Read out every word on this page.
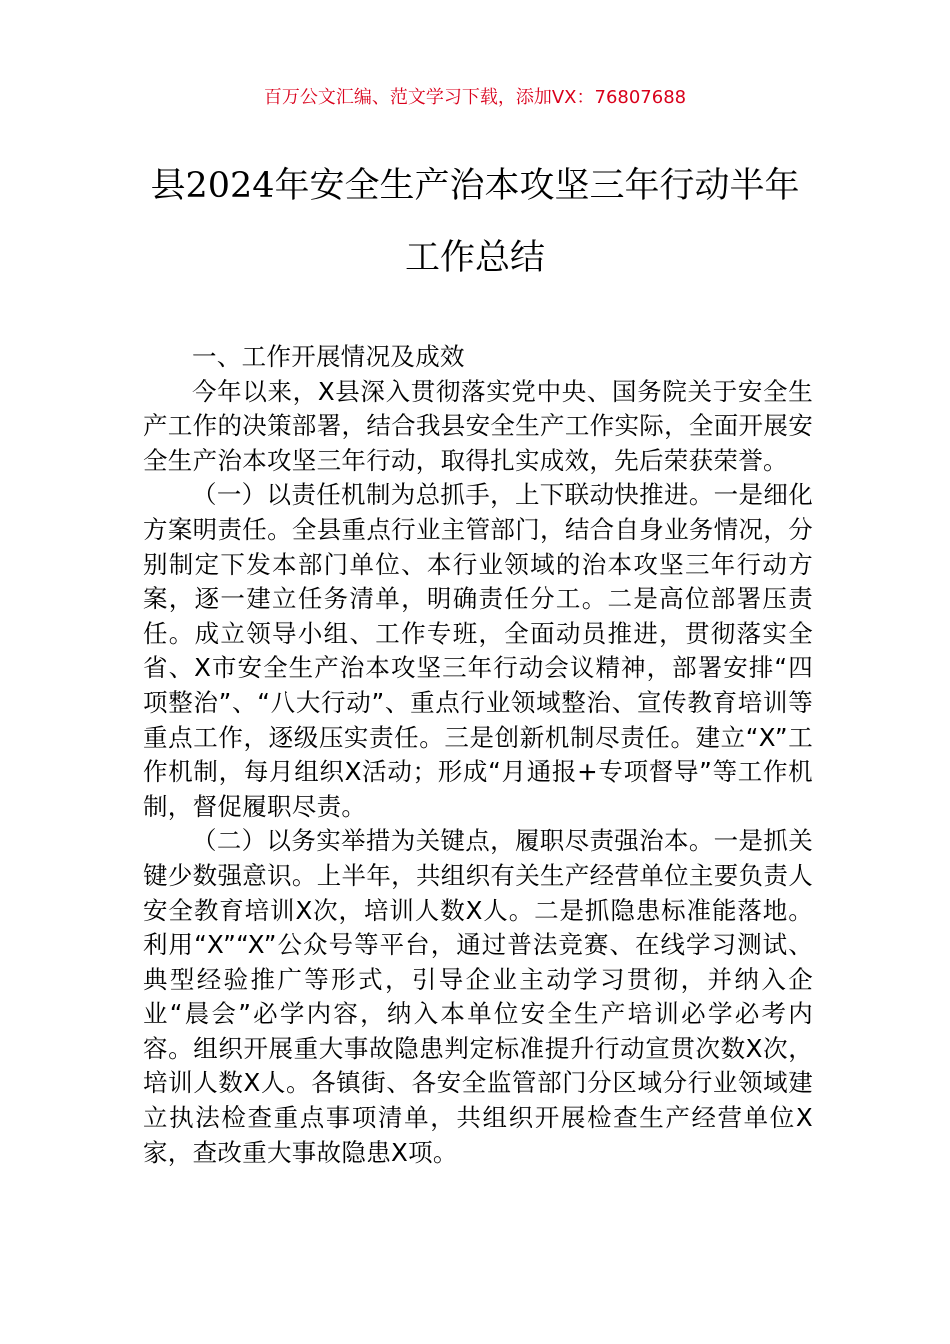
百万公文汇编、范文学习下载，添加VX：76807688
县2024年安全生产治本攻坚三年行动半年
工作总结

一、工作开展情况及成效

今年以来，X县深入贯彻落实党中央、国务院关于安全生产工作的决策部署，结合我县安全生产工作实际，全面开展安全生产治本攻坚三年行动，取得扎实成效，先后荣获荣誉。

（一）以责任机制为总抓手，上下联动快推进。一是细化方案明责任。全县重点行业主管部门，结合自身业务情况，分别制定下发本部门单位、本行业领域的治本攻坚三年行动方案，逐一建立任务清单，明确责任分工。二是高位部署压责任。成立领导小组、工作专班，全面动员推进，贯彻落实全省、X市安全生产治本攻坚三年行动会议精神，部署安排“四项整治”、“八大行动”、重点行业领域整治、宣传教育培训等重点工作，逐级压实责任。三是创新机制尽责任。建立“X”工作机制，每月组织X活动；形成“月通报+专项督导”等工作机制，督促履职尽责。

（二）以务实举措为关键点，履职尽责强治本。一是抓关键少数强意识。上半年，共组织有关生产经营单位主要负责人安全教育培训X次，培训人数X人。二是抓隐患标准能落地。利用“X”“X”公众号等平台，通过普法竞赛、在线学习测试、典型经验推广等形式，引导企业主动学习贯彻，并纳入企业“晨会”必学内容，纳入本单位安全生产培训必学必考内容。组织开展重大事故隐患判定标准提升行动宣贯次数X次，培训人数X人。各镇街、各安全监管部门分区域分行业领域建立执法检查重点事项清单，共组织开展检查生产经营单位X家，查改重大事故隐患X项。
